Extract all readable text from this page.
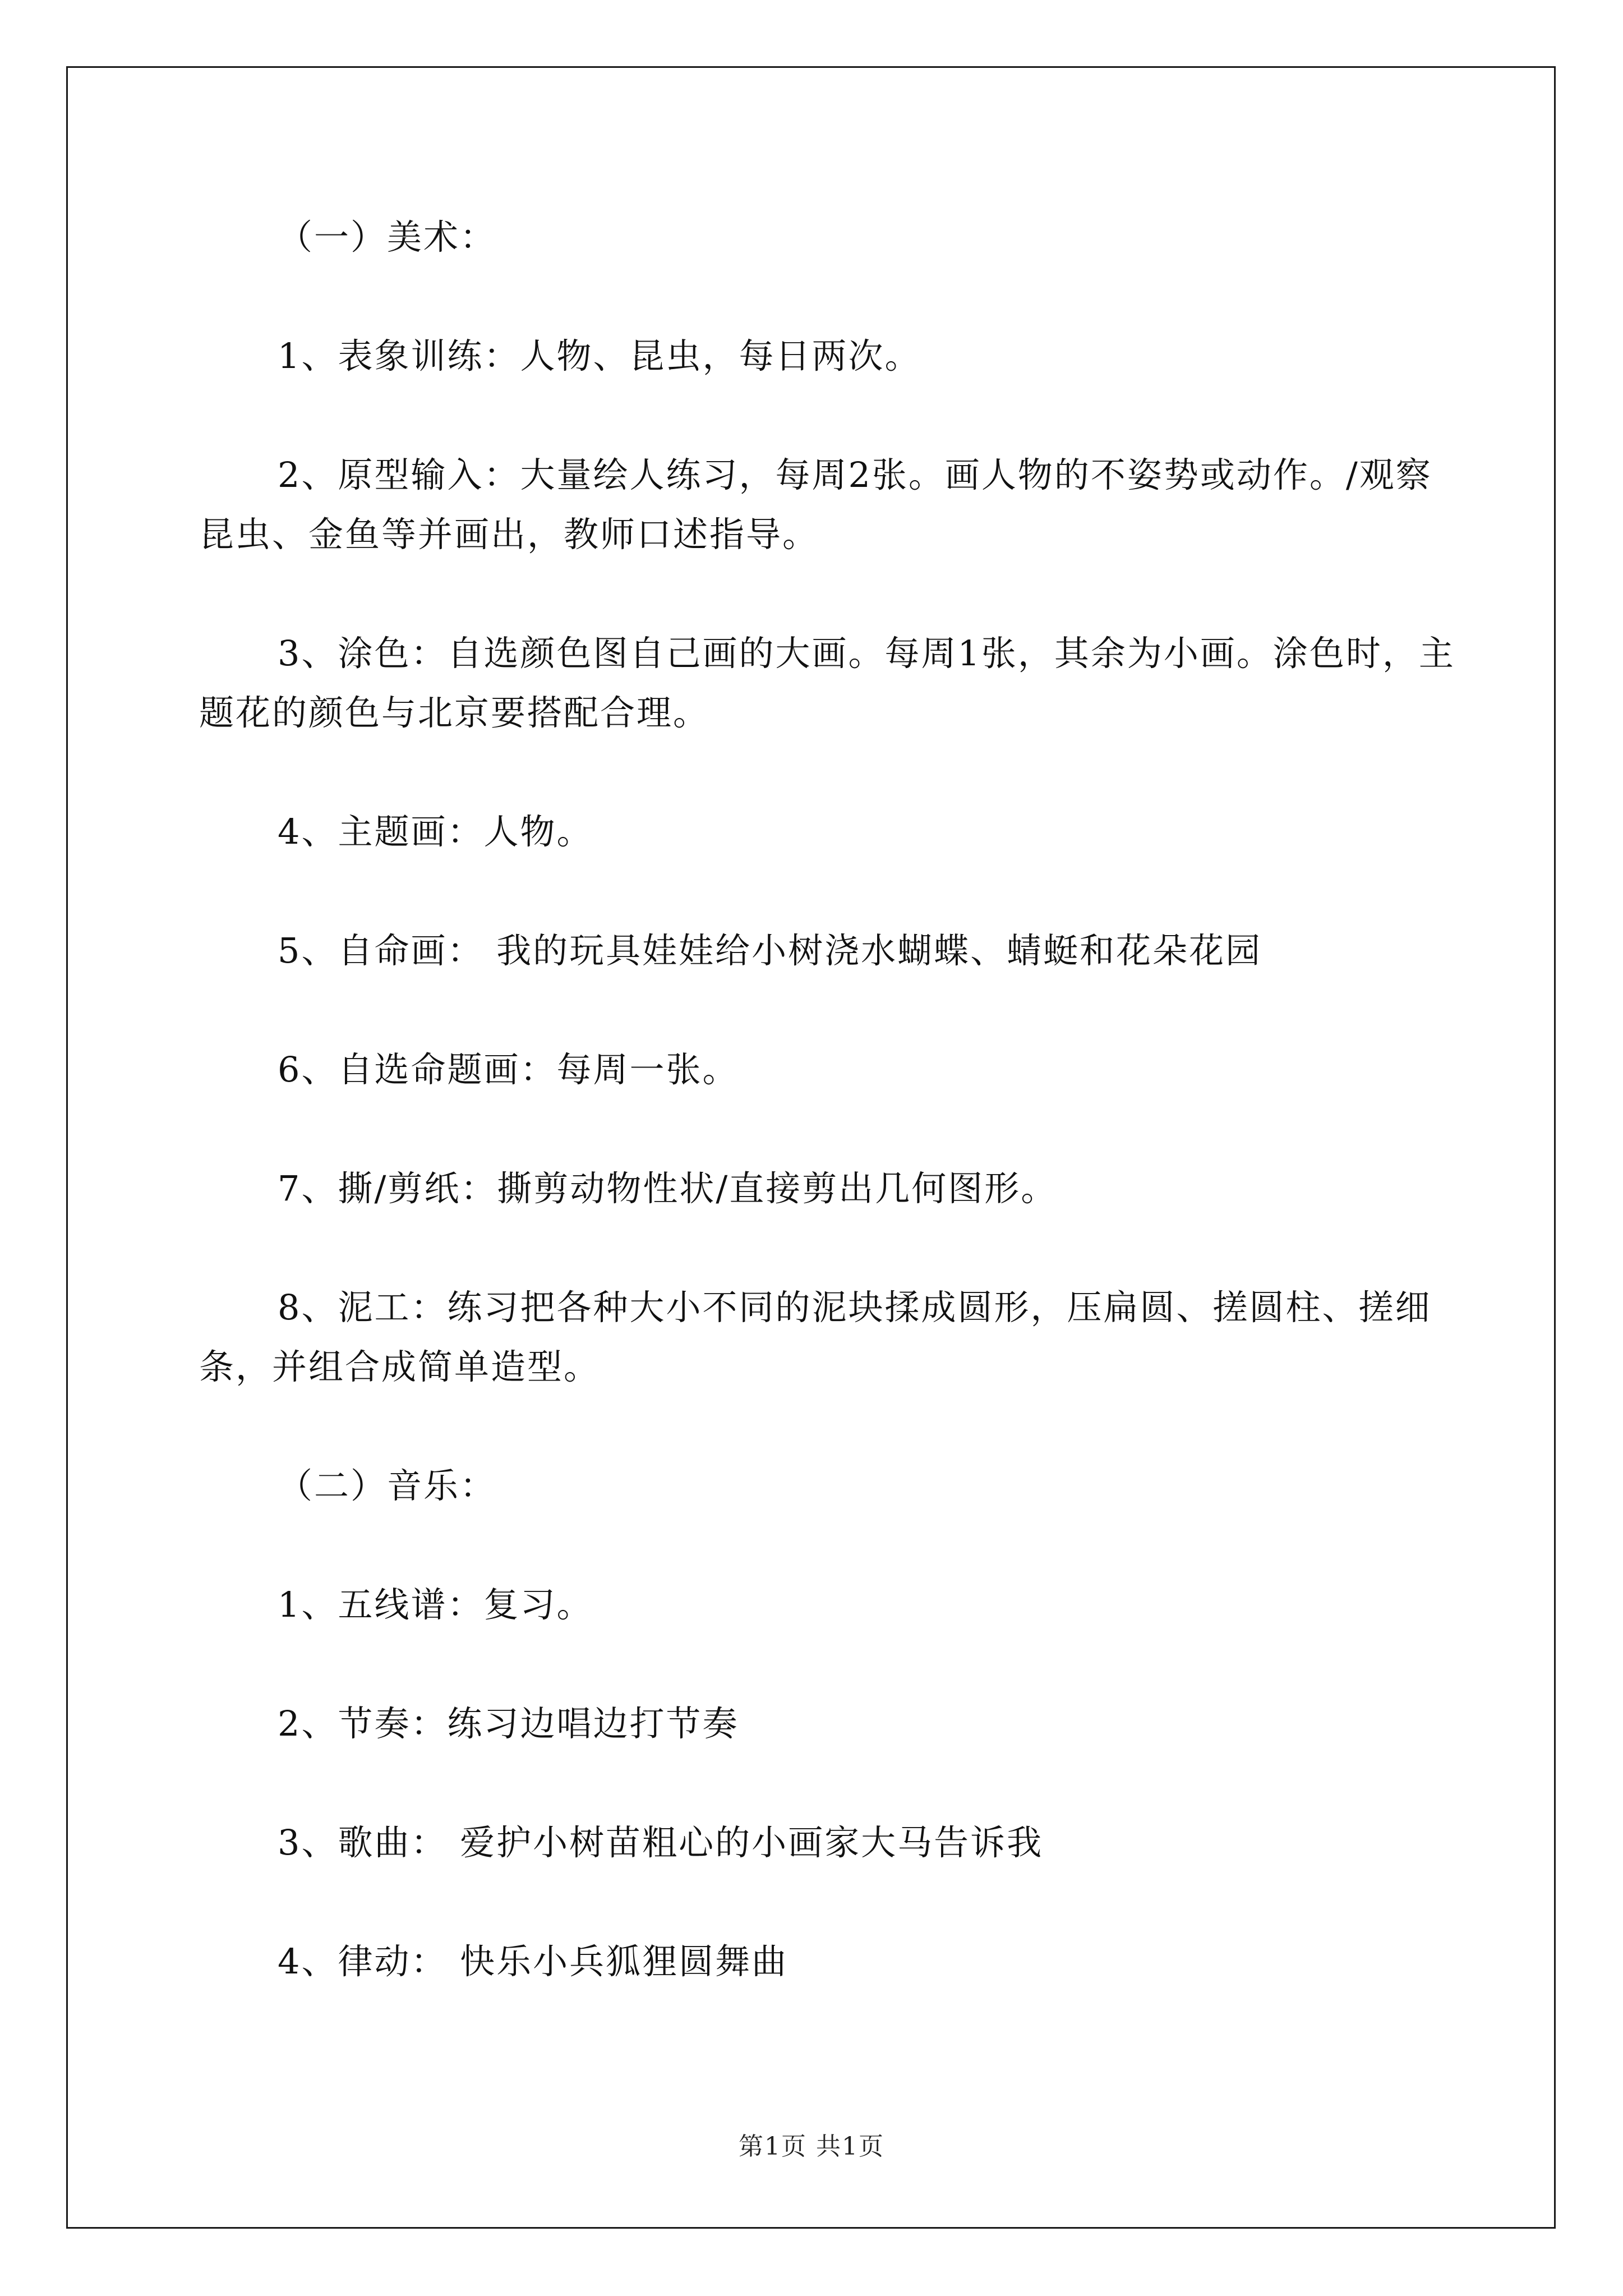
（一）美术：

1、表象训练：人物、昆虫，每日两次。

2、原型输入：大量绘人练习，每周2张。画人物的不姿势或动作。/观察昆虫、金鱼等并画出，教师口述指导。

3、涂色：自选颜色图自己画的大画。每周1张，其余为小画。涂色时，主题花的颜色与北京要搭配合理。

4、主题画：人物。

5、自命画： 我的玩具娃娃给小树浇水蝴蝶、蜻蜓和花朵花园

6、自选命题画：每周一张。

7、撕/剪纸：撕剪动物性状/直接剪出几何图形。

8、泥工：练习把各种大小不同的泥块揉成圆形，压扁圆、搓圆柱、搓细条，并组合成简单造型。

（二）音乐：

1、五线谱：复习。

2、节奏：练习边唱边打节奏

3、歌曲： 爱护小树苗粗心的小画家大马告诉我

4、律动： 快乐小兵狐狸圆舞曲

第1页 共1页
